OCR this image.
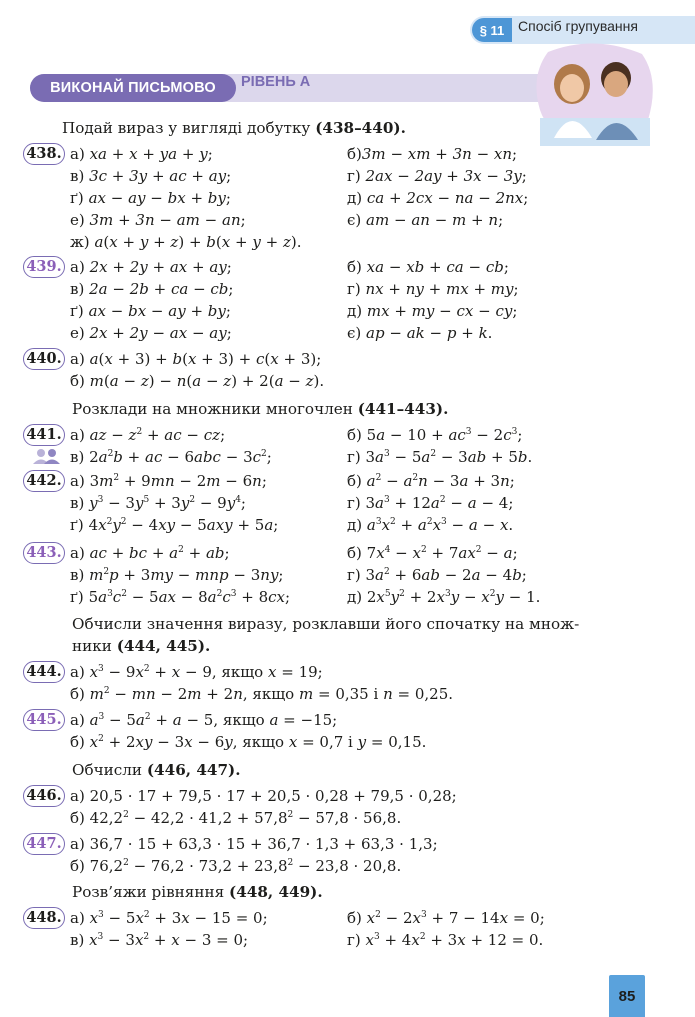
§ 11 Спосіб групування
ВИКОНАЙ ПИСЬМОВО	РІВЕНЬ А
Подай вираз у вигляді добутку (438–440).
438. а) xa + x + ya + y;	б)3m − xm + 3n − xn;
в) 3c + 3y + ac + ay;	г) 2ax − 2ay + 3x − 3y;
ґ) ax − ay − bx + by;	д) ca + 2cx − na − 2nx;
е) 3m + 3n − am − an;	є) am − an − m + n;
ж) a(x + y + z) + b(x + y + z).
439. а) 2x + 2y + ax + ay;	б) xa − xb + ca − cb;
в) 2a − 2b + ca − cb;	г) nx + ny + mx + my;
ґ) ax − bx − ay + by;	д) mx + my − cx − cy;
е) 2x + 2y − ax − ay;	є) ap − ak − p + k.
440. а) a(x + 3) + b(x + 3) + c(x + 3);
б) m(a − z) − n(a − z) + 2(a − z).
Розклади на множники многочлен (441–443).
441. а) az − $z^2$ + ac − cz;	б) $5a - 10 + ac^3 - 2c^3$;
в) $2a^2b$ + ac − $6abc - 3c^2$;	г) $3a^3 - 5a^2 - 3ab + 5b$.
442. а) $3m^2 + 9mn - 2m - 6n$;	б) $a^2 - a^2n - 3a + 3n$;
в) $y^3 - 3y^5 + 3y^2 - 9y^4$;	г) $3a^3 + 12a^2 - a - 4$;
ґ) $4x^2y^2 - 4xy - 5axy + 5a$;	д) $a^3x^2 + a^2x^3 - a - x$.
443. а) ac + bc + $a^2$ + ab;	б) $7x^4 - x^2 + 7ax^2 - a$;
в) $m^2p + 3my$ − mnp − 3ny;	г) $3a^2 + 6ab - 2a - 4b$;
ґ) $5a^3c^2 - 5ax - 8a^2c^3 + 8cx$;	д) $2x^5y^2 + 2x^3y - x^2y - 1$.
Обчисли значення виразу, розклавши його спочатку на множ-
ники (444, 445).
444. а) $x^3 - 9x^2 + x - 9$, якщо x = 19;
б) $m^2$ − mn − 2m + 2n, якщо m = 0,35 і n = 0,25.
445. а) $a^3 - 5a^2 + a - 5$, якщо a = −15;
б) $x^2 + 2xy - 3x - 6y$, якщо x = 0,7 і y = 0,15.
Обчисли (446, 447).
446. а) 20,5 · 17 + 79,5 · 17 + 20,5 · 0,28 + 79,5 · 0,28;
б) $42,2^2 - 42,2 \cdot 41,2 + 57,8^2 - 57,8 \cdot 56,8$.
447. а) 36,7 · 15 + 63,3 · 15 + 36,7 · 1,3 + 63,3 · 1,3;
б) $76,2^2 - 76,2 \cdot 73,2 + 23,8^2 - 23,8 \cdot 20,8$.
Розв’яжи рівняння (448, 449).
448. а) $x^3 - 5x^2 + 3x - 15 = 0$;	б) $x^2 - 2x^3 + 7 - 14x = 0$;
в) $x^3 - 3x^2 + x - 3 = 0$;	г) $x^3 + 4x^2 + 3x + 12 = 0$.
85
